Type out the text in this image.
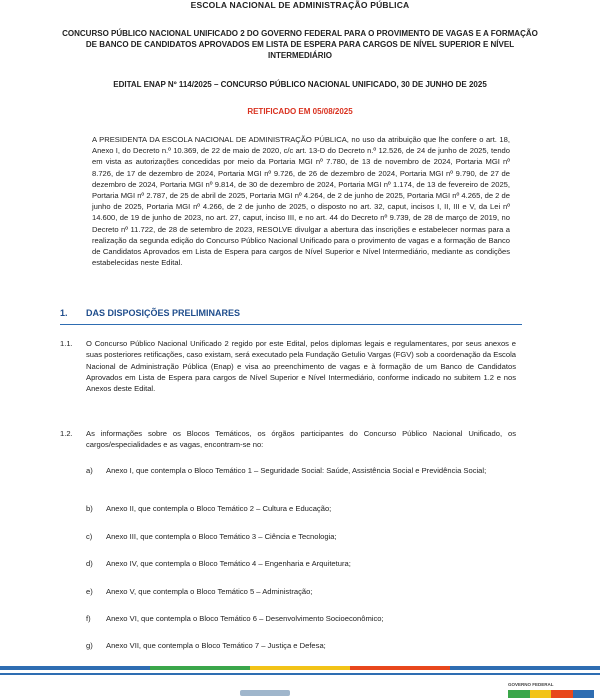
ESCOLA NACIONAL DE ADMINISTRAÇÃO PÚBLICA
CONCURSO PÚBLICO NACIONAL UNIFICADO 2 DO GOVERNO FEDERAL PARA O PROVIMENTO DE VAGAS E A FORMAÇÃO DE BANCO DE CANDIDATOS APROVADOS EM LISTA DE ESPERA PARA CARGOS DE NÍVEL SUPERIOR E NÍVEL INTERMEDIÁRIO
EDITAL ENAP Nº 114/2025 – CONCURSO PÚBLICO NACIONAL UNIFICADO, 30 DE JUNHO DE 2025
RETIFICADO EM 05/08/2025
A PRESIDENTA DA ESCOLA NACIONAL DE ADMINISTRAÇÃO PÚBLICA, no uso da atribuição que lhe confere o art. 18, Anexo I, do Decreto n.º 10.369, de 22 de maio de 2020, c/c art. 13-D do Decreto n.º 12.526, de 24 de junho de 2025, tendo em vista as autorizações concedidas por meio da Portaria MGI nº 7.780, de 13 de novembro de 2024, Portaria MGI nº 8.726, de 17 de dezembro de 2024, Portaria MGI nº 9.726, de 26 de dezembro de 2024, Portaria MGI nº 9.790, de 27 de dezembro de 2024, Portaria MGI nº 9.814, de 30 de dezembro de 2024, Portaria MGI nº 1.174, de 13 de fevereiro de 2025, Portaria MGI nº 2.787, de 25 de abril de 2025, Portaria MGI nº 4.264, de 2 de junho de 2025, Portaria MGI nº 4.265, de 2 de junho de 2025, Portaria MGI nº 4.266, de 2 de junho de 2025, o disposto no art. 32, caput, incisos I, II, III e V, da Lei nº 14.600, de 19 de junho de 2023, no art. 27, caput, inciso III, e no art. 44 do Decreto nº 9.739, de 28 de março de 2019, no Decreto nº 11.722, de 28 de setembro de 2023, RESOLVE divulgar a abertura das inscrições e estabelecer normas para a realização da segunda edição do Concurso Público Nacional Unificado para o provimento de vagas e a formação de Banco de Candidatos Aprovados em Lista de Espera para cargos de Nível Superior e Nível Intermediário, mediante as condições estabelecidas neste Edital.
1. DAS DISPOSIÇÕES PRELIMINARES
1.1.	O Concurso Público Nacional Unificado 2 regido por este Edital, pelos diplomas legais e regulamentares, por seus anexos e suas posteriores retificações, caso existam, será executado pela Fundação Getulio Vargas (FGV) sob a coordenação da Escola Nacional de Administração Pública (Enap) e visa ao preenchimento de vagas e à formação de um Banco de Candidatos Aprovados em Lista de Espera para cargos de Nível Superior e Nível Intermediário, conforme indicado no subitem 1.2 e nos Anexos deste Edital.
1.2.	As informações sobre os Blocos Temáticos, os órgãos participantes do Concurso Público Nacional Unificado, os cargos/especialidades e as vagas, encontram-se no:
a)	Anexo I, que contempla o Bloco Temático 1 – Seguridade Social: Saúde, Assistência Social e Previdência Social;
b)	Anexo II, que contempla o Bloco Temático 2 – Cultura e Educação;
c)	Anexo III, que contempla o Bloco Temático 3 – Ciência e Tecnologia;
d)	Anexo IV, que contempla o Bloco Temático 4 – Engenharia e Arquitetura;
e)	Anexo V, que contempla o Bloco Temático 5 – Administração;
f)	Anexo VI, que contempla o Bloco Temático 6 – Desenvolvimento Socioeconômico;
g)	Anexo VII, que contempla o Bloco Temático 7 – Justiça e Defesa;
GOVERNO FEDERAL
